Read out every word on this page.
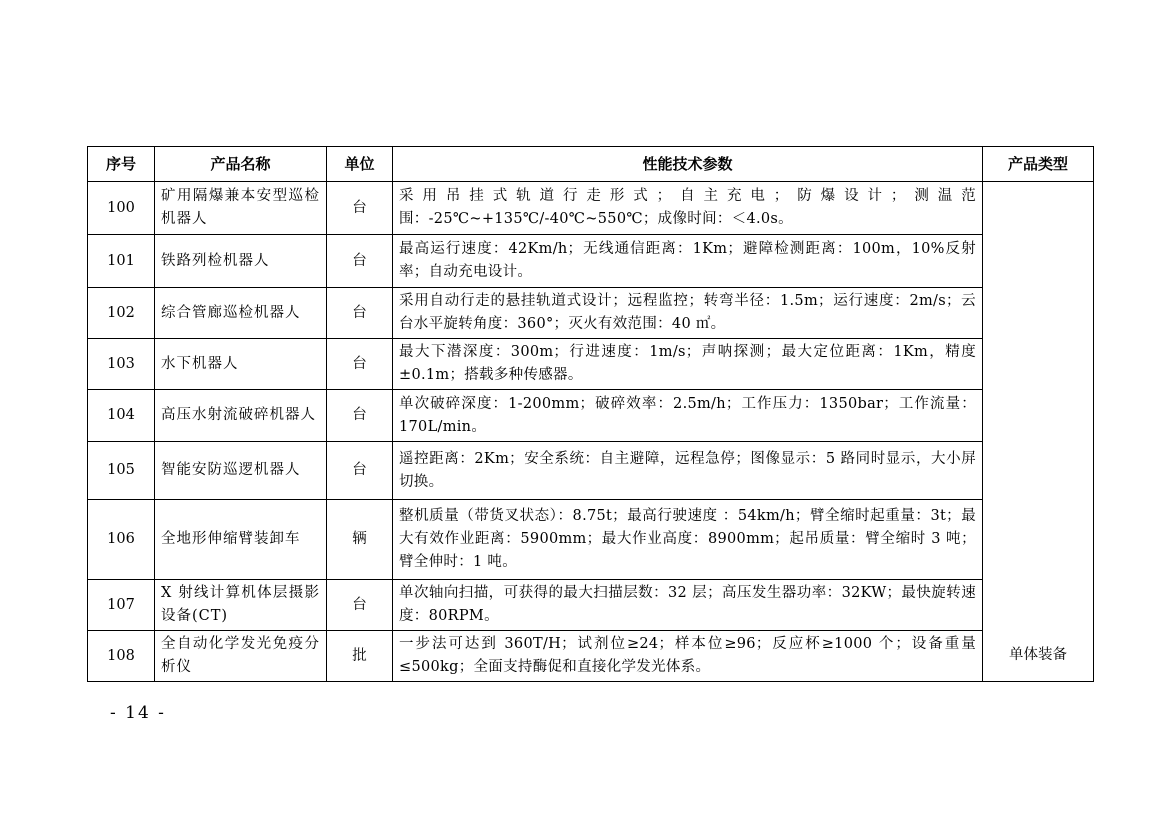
序号	产品名称	单位	性能技术参数	产品类型
100	矿用隔爆兼本安型巡检机器人	台	采用吊挂式轨道行走形式；自主充电；防爆设计；测温范围：-25℃~+135℃/-40℃~550℃；成像时间：＜4.0s。	单体装备
101	铁路列检机器人	台	最高运行速度：42Km/h；无线通信距离：1Km；避障检测距离：100m，10%反射率；自动充电设计。	
102	综合管廊巡检机器人	台	采用自动行走的悬挂轨道式设计；远程监控；转弯半径：1.5m；运行速度：2m/s；云台水平旋转角度：360°；灭火有效范围：40 ㎡。	
103	水下机器人	台	最大下潜深度：300m；行进速度：1m/s；声呐探测；最大定位距离：1Km，精度±0.1m；搭载多种传感器。	
104	高压水射流破碎机器人	台	单次破碎深度：1-200mm；破碎效率：2.5m/h；工作压力：1350bar；工作流量：170L/min。	
105	智能安防巡逻机器人	台	遥控距离：2Km；安全系统：自主避障，远程急停；图像显示：5 路同时显示，大小屏切换。	
106	全地形伸缩臂装卸车	辆	整机质量（带货叉状态）：8.75t；最高行驶速度 ：54km/h；臂全缩时起重量：3t；最大有效作业距离：5900mm；最大作业高度：8900mm；起吊质量：臂全缩时 3 吨；臂全伸时：1 吨。	
107	X 射线计算机体层摄影设备(CT)	台	单次轴向扫描，可获得的最大扫描层数：32 层；高压发生器功率：32KW；最快旋转速度：80RPM。	
108	全自动化学发光免疫分析仪	批	一步法可达到 360T/H；试剂位≥24；样本位≥96；反应杯≥1000 个；设备重量≤500kg；全面支持酶促和直接化学发光体系。	
- 14 -
